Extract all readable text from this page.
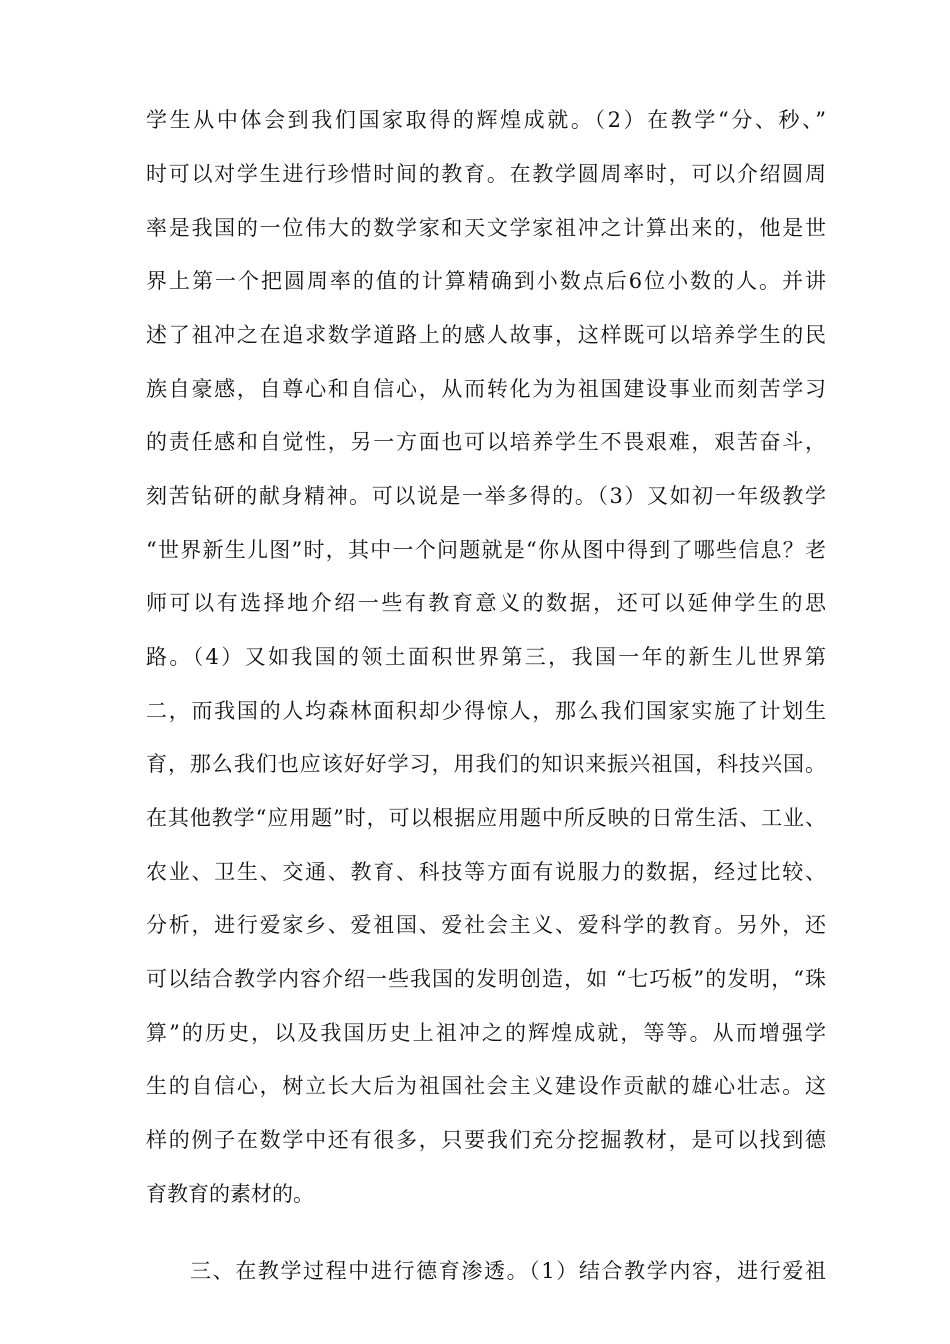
学生从中体会到我们国家取得的辉煌成就。（2）在教学“分、秒、”
时可以对学生进行珍惜时间的教育。在教学圆周率时，可以介绍圆周
率是我国的一位伟大的数学家和天文学家祖冲之计算出来的，他是世
界上第一个把圆周率的值的计算精确到小数点后6位小数的人。并讲
述了祖冲之在追求数学道路上的感人故事，这样既可以培养学生的民
族自豪感，自尊心和自信心，从而转化为为祖国建设事业而刻苦学习
的责任感和自觉性，另一方面也可以培养学生不畏艰难，艰苦奋斗，
刻苦钻研的献身精神。可以说是一举多得的。（3）又如初一年级教学
“世界新生儿图”时，其中一个问题就是“你从图中得到了哪些信息？老
师可以有选择地介绍一些有教育意义的数据，还可以延伸学生的思
路。（4）又如我国的领土面积世界第三，我国一年的新生儿世界第
二，而我国的人均森林面积却少得惊人，那么我们国家实施了计划生
育，那么我们也应该好好学习，用我们的知识来振兴祖国，科技兴国。
在其他教学“应用题”时，可以根据应用题中所反映的日常生活、工业、
农业、卫生、交通、教育、科技等方面有说服力的数据，经过比较、
分析，进行爱家乡、爱祖国、爱社会主义、爱科学的教育。另外，还
可以结合教学内容介绍一些我国的发明创造，如 “七巧板”的发明，“珠
算”的历史，以及我国历史上祖冲之的辉煌成就，等等。从而增强学
生的自信心，树立长大后为祖国社会主义建设作贡献的雄心壮志。这
样的例子在数学中还有很多，只要我们充分挖掘教材，是可以找到德
育教育的素材的。
三、在教学过程中进行德育渗透。（1）结合教学内容，进行爱祖
